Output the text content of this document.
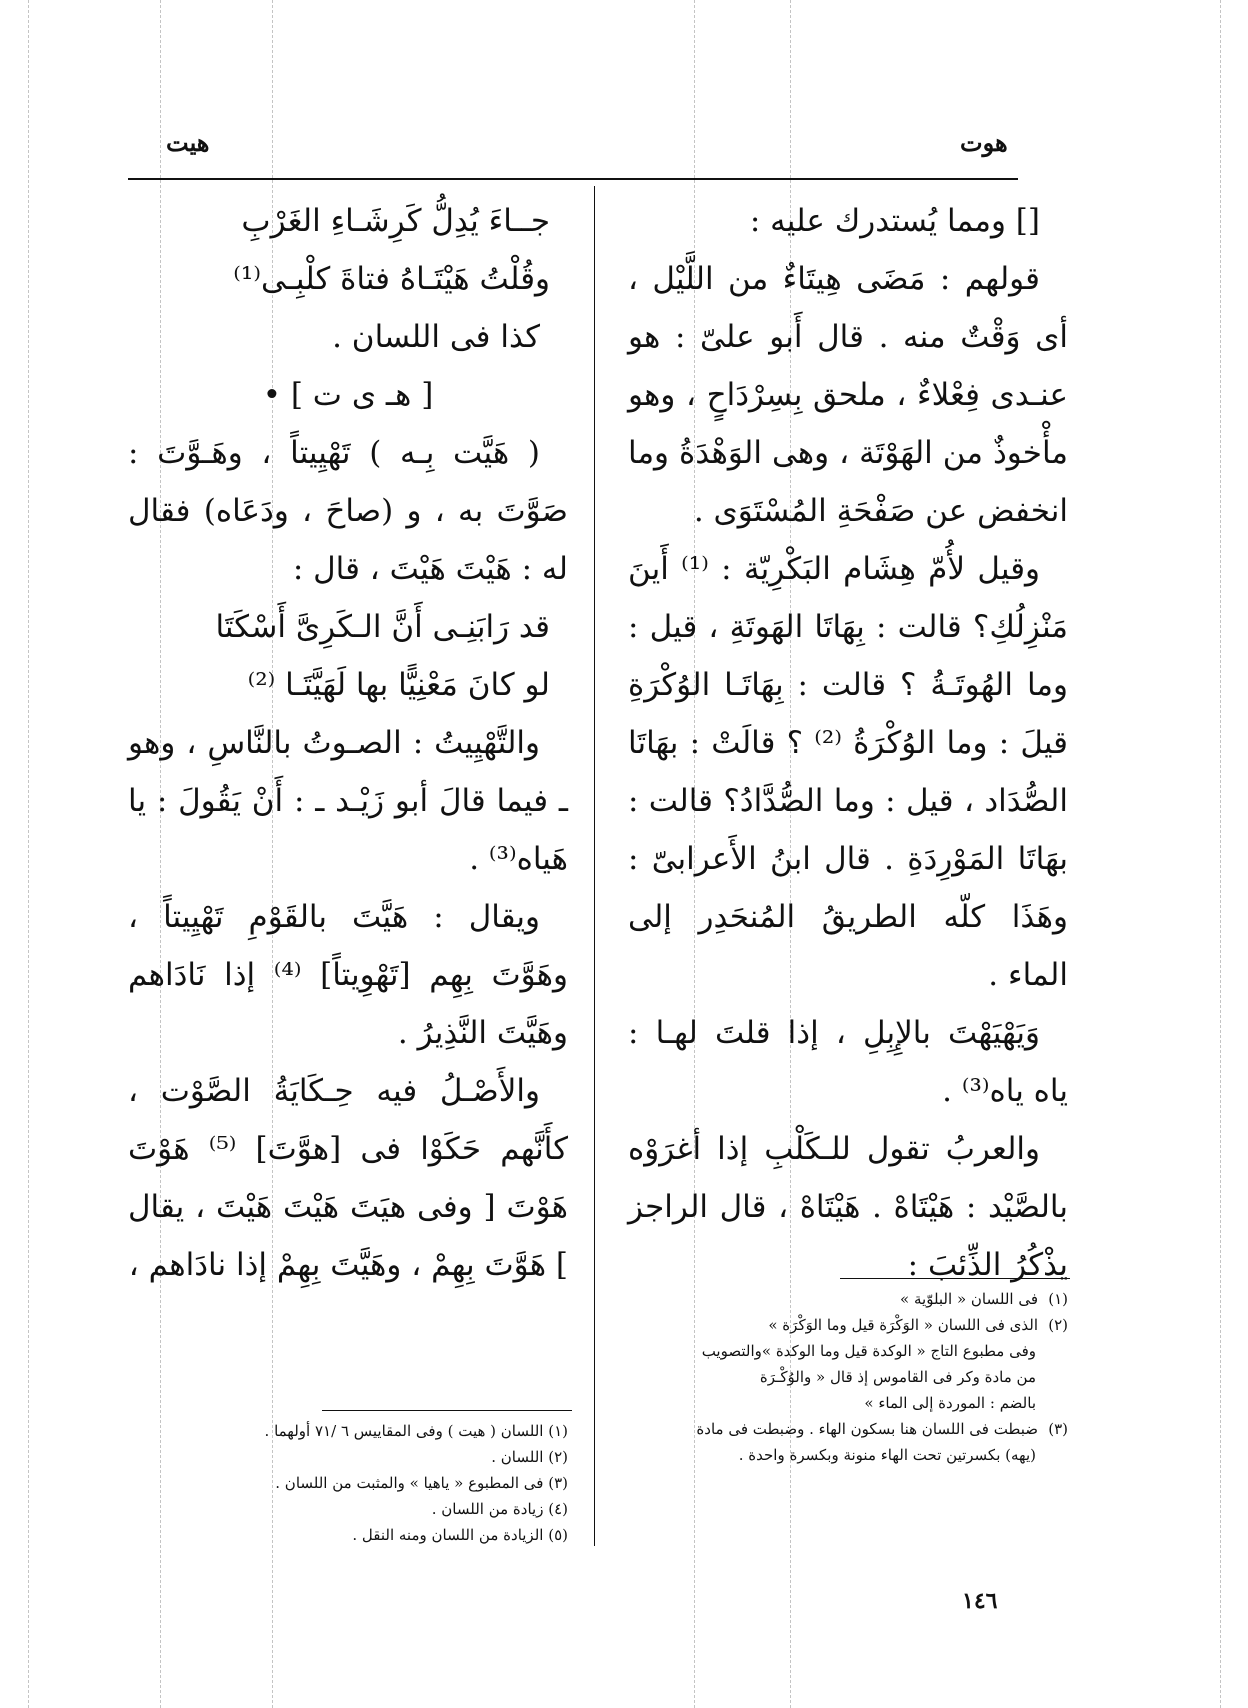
هوت
هيت

[] ومما يُستدرك عليه :

قولهم : مَضَى هِيتَاءٌ من اللَّيْل ، أى وَقْتٌ منه . قال أَبو علىّ : هو عنـدى فِعْلاءٌ ، ملحق بِسِرْدَاحٍ ، وهو مأْخوذٌ من الهَوْتَة ، وهى الوَهْدَةُ وما انخفض عن صَفْحَةِ المُسْتَوَى .

وقيل لأُمّ هِشَام البَكْرِيّة : ⁽¹⁾ أَينَ مَنْزِلُكِ؟ قالت : بِهَاتَا الهَوتَةِ ، قيل : وما الهُوتَـةُ ؟ قالت : بِهَاتَـا الوُكْرَةِ قيلَ : وما الوُكْرَةُ ⁽²⁾ ؟ قالَتْ : بهَاتَا الصُّدَاد ، قيل : وما الصُّدَّادُ؟ قالت : بهَاتَا المَوْرِدَةِ . قال ابنُ الأَعرابىّ : وهَذَا كلّه الطريقُ المُنحَدِر إلى الماء .

وَيَهْيَهْتَ بالإِبِلِ ، إذا قلتَ لهـا : ياه ياه⁽³⁾ .

والعربُ تقول للـكَلْبِ إذا أغرَوْه بالصَّيْد : هَيْتَاهْ . هَيْتَاهْ ، قال الراجز يذْكُرُ الذِّئبَ :

(١)فى اللسان « البلوّية »

(٢)الذى فى اللسان « الوَكْرَة قيل وما الوَكْرَة »

وفى مطبوع التاج « الوكدة قيل وما الوكدة »والتصويب

من مادة وكر فى القاموس إذ قال « والوُكْـرَة

بالضم : الموردة إلى الماء »

(٣)ضبطت فى اللسان هنا بسكون الهاء . وضبطت فى مادة

(يهه) بكسرتين تحت الهاء منونة وبكسرة واحدة .

جــاءَ يُدِلُّ كَرِشَـاءِ الغَرْبِ

وقُلْتُ هَيْتَـاهُ فتاةَ كلْبِـى⁽¹⁾

كذا فى اللسان .

[ هـ ى ت ] •

( هَيَّت بِـه ) تَهْيِيتاً ، وهَـوَّتَ : صَوَّتَ به ، و (صاحَ ، ودَعَاه) فقال له : هَيْتَ هَيْتَ ، قال :

قد رَابَنِـى أَنَّ الـكَرِىَّ أَسْكَتَا

لو كانَ مَعْنِيًّا بها لَهَيَّتَـا ⁽²⁾

والتَّهْيِيتُ : الصـوتُ بالنَّاسِ ، وهو ـ فيما قالَ أبو زَيْـد ـ : أَنْ يَقُولَ : يا هَياه⁽³⁾ .

ويقال : هَيَّتَ بالقَوْمِ تَهْيِيتاً ، وهَوَّتَ بِهِم [تَهْوِيتاً] ⁽⁴⁾ إذا نَادَاهم وهَيَّتَ النَّذِيرُ .

والأَصْـلُ فيه حِـكَايَةُ الصَّوْت ، كأَنَّهم حَكَوْا فى [هوَّتَ] ⁽⁵⁾ هَوْتَ هَوْتَ [ وفى هيَتَ هَيْتَ هَيْتَ ، يقال ] هَوَّتَ بِهِمْ ، وهَيَّتَ بِهِمْ إذا نادَاهم ،

(١) اللسان ( هيت ) وفى المقاييس ٦ /٧١ أولهما .

(٢) اللسان .

(٣) فى المطبوع « ياهيا » والمثبت من اللسان .

(٤) زيادة من اللسان .

(٥) الزيادة من اللسان ومنه النقل .

١٤٦
